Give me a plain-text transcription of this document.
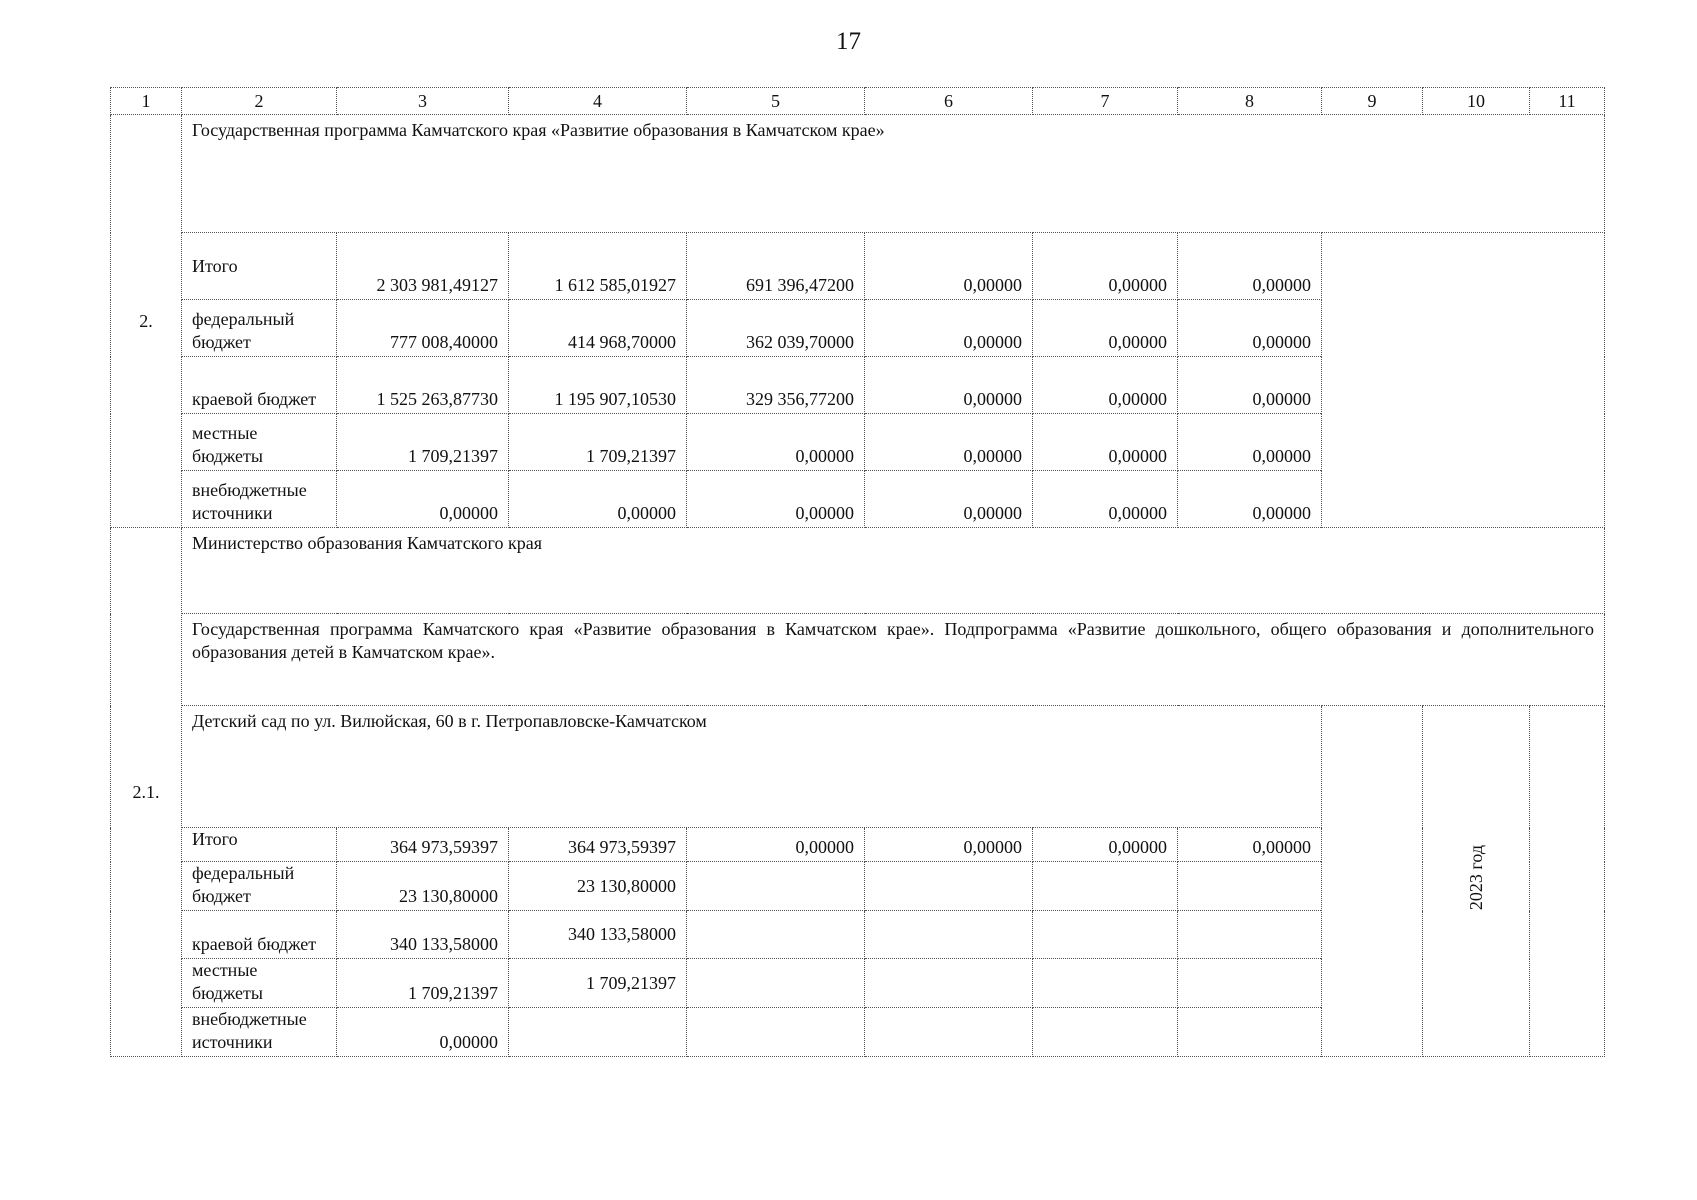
17
1	2	3	4	5	6	7	8	9	10	11
2.	Государственная программа Камчатского края «Развитие образования в Камчатском крае»									
	Итого	2 303 981,49127	1 612 585,01927	691 396,47200	0,00000	0,00000	0,00000			
	федеральный бюджет	777 008,40000	414 968,70000	362 039,70000	0,00000	0,00000	0,00000			
	краевой бюджет	1 525 263,87730	1 195 907,10530	329 356,77200	0,00000	0,00000	0,00000			
	местные бюджеты	1 709,21397	1 709,21397	0,00000	0,00000	0,00000	0,00000			
	внебюджетные источники	0,00000	0,00000	0,00000	0,00000	0,00000	0,00000			
2.1.	Министерство образования Камчатского края									
	Государственная программа Камчатского края «Развитие образования в Камчатском крае». Подпрограмма «Развитие дошкольного, общего образования и дополнительного образования детей в Камчатском крае».									
	Детский сад по ул. Вилюйская, 60 в г. Петропавловске-Камчатском								2023 год	
	Итого	364 973,59397	364 973,59397	0,00000	0,00000	0,00000	0,00000			
	федеральный бюджет	23 130,80000	23 130,80000							
	краевой бюджет	340 133,58000	340 133,58000							
	местные бюджеты	1 709,21397	1 709,21397							
	внебюджетные источники	0,00000								
